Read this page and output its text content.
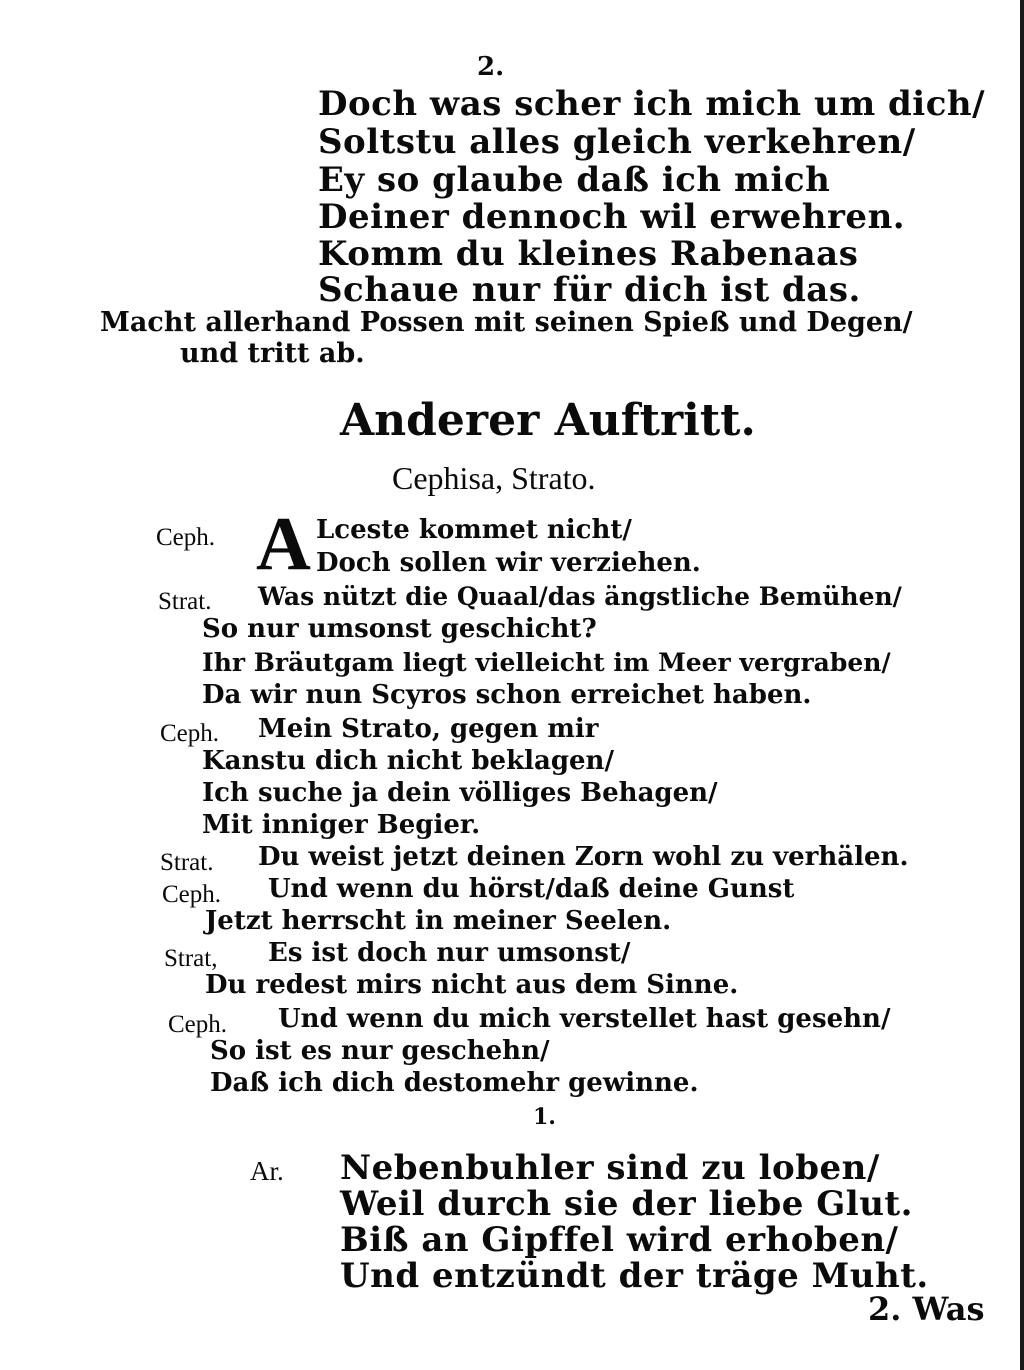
2.
Doch was scher ich mich um dich/
Soltstu alles gleich verkehren/
Ey so glaube daß ich mich
Deiner dennoch wil erwehren.
Komm du kleines Rabenaas
Schaue nur für dich ist das.
Macht allerhand Possen mit seinen Spieß und Degen/
und tritt ab.
Anderer Auftritt.
Cephisa, Strato.
Ceph. A Lceste kommet nicht/
Doch sollen wir verziehen.
Strat. Was nützt die Quaal/das ängstliche Bemühen/
So nur umsonst geschicht?
Ihr Bräutgam liegt vielleicht im Meer vergraben/
Da wir nun Scyros schon erreichet haben.
Ceph. Mein Strato, gegen mir
Kanstu dich nicht beklagen/
Ich suche ja dein völliges Behagen/
Mit inniger Begier.
Strat. Du weist jetzt deinen Zorn wohl zu verhälen.
Ceph. Und wenn du hörst/daß deine Gunst
Jetzt herrscht in meiner Seelen.
Strat, Es ist doch nur umsonst/
Du redest mirs nicht aus dem Sinne.
Ceph. Und wenn du mich verstellet hast gesehn/
So ist es nur geschehn/
Daß ich dich destomehr gewinne.
1.
Ar. Nebenbuhler sind zu loben/
Weil durch sie der liebe Glut.
Biß an Gipffel wird erhoben/
Und entzündt der träge Muht.
2. Was
